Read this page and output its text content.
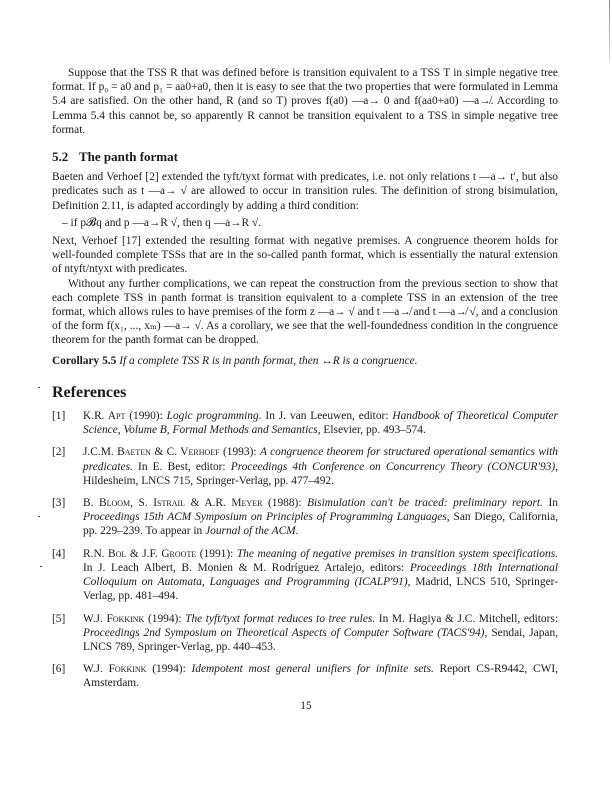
Suppose that the TSS R that was defined before is transition equivalent to a TSS T in simple negative tree format. If p₀ = a0 and p₁ = aa0+a0, then it is easy to see that the two properties that were formulated in Lemma 5.4 are satisfied. On the other hand, R (and so T) proves f(a0) —a→ 0 and f(aa0+a0) —a↛. According to Lemma 5.4 this cannot be, so apparently R cannot be transition equivalent to a TSS in simple negative tree format.

5.2 The panth format

Baeten and Verhoef [2] extended the tyft/tyxt format with predicates, i.e. not only relations t —a→ t′, but also predicates such as t —a→ √ are allowed to occur in transition rules. The definition of strong bisimulation, Definition 2.11, is adapted accordingly by adding a third condition:

– if p𝓑q and p —a→R √, then q —a→R √.

Next, Verhoef [17] extended the resulting format with negative premises. A congruence theorem holds for well-founded complete TSSs that are in the so-called panth format, which is essentially the natural extension of ntyft/ntyxt with predicates.

Without any further complications, we can repeat the construction from the previous section to show that each complete TSS in panth format is transition equivalent to a complete TSS in an extension of the tree format, which allows rules to have premises of the form z —a→ √ and t —a↛ and t —a↛ √, and a conclusion of the form f(x₁, ..., xₘ) —a→ √. As a corollary, we see that the well-foundedness condition in the congruence theorem for the panth format can be dropped.

Corollary 5.5 If a complete TSS R is in panth format, then ↔R is a congruence.

References
[1] K.R. Apt (1990): Logic programming. In J. van Leeuwen, editor: Handbook of Theoretical Computer Science, Volume B, Formal Methods and Semantics, Elsevier, pp. 493–574.
[2] J.C.M. Baeten & C. Verhoef (1993): A congruence theorem for structured operational semantics with predicates. In E. Best, editor: Proceedings 4th Conference on Concurrency Theory (CONCUR'93), Hildesheim, LNCS 715, Springer-Verlag, pp. 477–492.
[3] B. Bloom, S. Istrail & A.R. Meyer (1988): Bisimulation can't be traced: preliminary report. In Proceedings 15th ACM Symposium on Principles of Programming Languages, San Diego, California, pp. 229–239. To appear in Journal of the ACM.
[4] R.N. Bol & J.F. Groote (1991): The meaning of negative premises in transition system specifications. In J. Leach Albert, B. Monien & M. Rodríguez Artalejo, editors: Proceedings 18th International Colloquium on Automata, Languages and Programming (ICALP'91), Madrid, LNCS 510, Springer-Verlag, pp. 481–494.
[5] W.J. Fokkink (1994): The tyft/tyxt format reduces to tree rules. In M. Hagiya & J.C. Mitchell, editors: Proceedings 2nd Symposium on Theoretical Aspects of Computer Software (TACS'94), Sendai, Japan, LNCS 789, Springer-Verlag, pp. 440–453.
[6] W.J. Fokkink (1994): Idempotent most general unifiers for infinite sets. Report CS-R9442, CWI, Amsterdam.
15
